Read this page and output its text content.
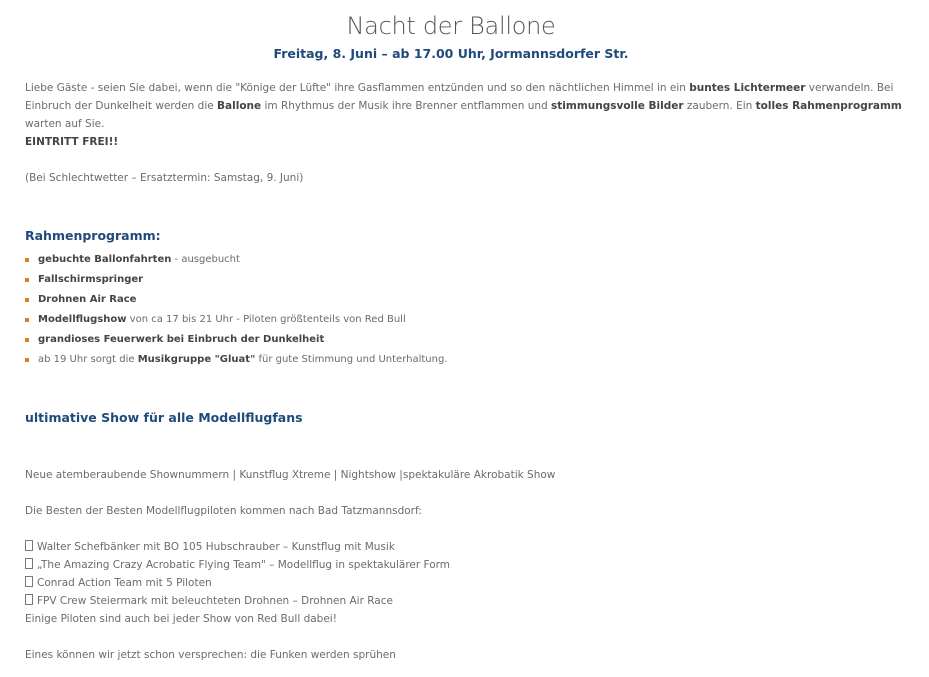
Nacht der Ballone
Freitag, 8. Juni – ab 17.00 Uhr, Jormannsdorfer Str.
Liebe Gäste - seien Sie dabei, wenn die "Könige der Lüfte" ihre Gasflammen entzünden und so den nächtlichen Himmel in ein buntes Lichtermeer verwandeln. Bei Einbruch der Dunkelheit werden die Ballone im Rhythmus der Musik ihre Brenner entflammen und stimmungsvolle Bilder zaubern. Ein tolles Rahmenprogramm warten auf Sie.
EINTRITT FREI!!
(Bei Schlechtwetter – Ersatztermin: Samstag, 9. Juni)
Rahmenprogramm:
gebuchte Ballonfahrten - ausgebucht
Fallschirmspringer
Drohnen Air Race
Modellflugshow von ca 17 bis 21 Uhr - Piloten größtenteils von Red Bull
grandioses Feuerwerk bei Einbruch der Dunkelheit
ab 19 Uhr sorgt die Musikgruppe "Gluat" für gute Stimmung und Unterhaltung.
ultimative Show für alle Modellflugfans
Neue atemberaubende Shownummern | Kunstflug Xtreme | Nightshow |spektakuläre Akrobatik Show
Die Besten der Besten Modellflugpiloten kommen nach Bad Tatzmannsdorf:
Walter Schefbänker mit BO 105 Hubschrauber – Kunstflug mit Musik
„The Amazing Crazy Acrobatic Flying Team" – Modellflug in spektakulärer Form
Conrad Action Team mit 5 Piloten
FPV Crew Steiermark mit beleuchteten Drohnen – Drohnen Air Race
Einige Piloten sind auch bei jeder Show von Red Bull dabei!
Eines können wir jetzt schon versprechen: die Funken werden sprühen
